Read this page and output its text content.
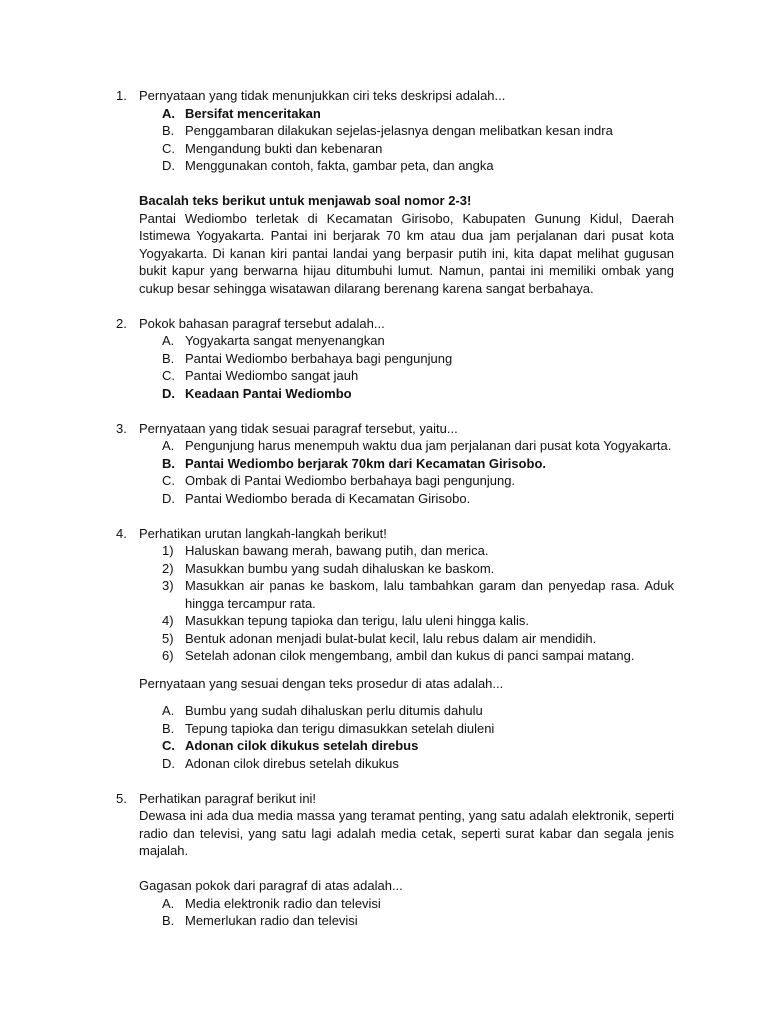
1. Pernyataan yang tidak menunjukkan ciri teks deskripsi adalah...
A. Bersifat menceritakan
B. Penggambaran dilakukan sejelas-jelasnya dengan melibatkan kesan indra
C. Mengandung bukti dan kebenaran
D. Menggunakan contoh, fakta, gambar peta, dan angka
Bacalah teks berikut untuk menjawab soal nomor 2-3!
Pantai Wediombo terletak di Kecamatan Girisobo, Kabupaten Gunung Kidul, Daerah Istimewa Yogyakarta. Pantai ini berjarak 70 km atau dua jam perjalanan dari pusat kota Yogyakarta. Di kanan kiri pantai landai yang berpasir putih ini, kita dapat melihat gugusan bukit kapur yang berwarna hijau ditumbuhi lumut. Namun, pantai ini memiliki ombak yang cukup besar sehingga wisatawan dilarang berenang karena sangat berbahaya.
2. Pokok bahasan paragraf tersebut adalah...
A. Yogyakarta sangat menyenangkan
B. Pantai Wediombo berbahaya bagi pengunjung
C. Pantai Wediombo sangat jauh
D. Keadaan Pantai Wediombo
3. Pernyataan yang tidak sesuai paragraf tersebut, yaitu...
A. Pengunjung harus menempuh waktu dua jam perjalanan dari pusat kota Yogyakarta.
B. Pantai Wediombo berjarak 70km dari Kecamatan Girisobo.
C. Ombak di Pantai Wediombo berbahaya bagi pengunjung.
D. Pantai Wediombo berada di Kecamatan Girisobo.
4. Perhatikan urutan langkah-langkah berikut!
1) Haluskan bawang merah, bawang putih, dan merica.
2) Masukkan bumbu yang sudah dihaluskan ke baskom.
3) Masukkan air panas ke baskom, lalu tambahkan garam dan penyedap rasa. Aduk hingga tercampur rata.
4) Masukkan tepung tapioka dan terigu, lalu uleni hingga kalis.
5) Bentuk adonan menjadi bulat-bulat kecil, lalu rebus dalam air mendidih.
6) Setelah adonan cilok mengembang, ambil dan kukus di panci sampai matang.
Pernyataan yang sesuai dengan teks prosedur di atas adalah...
A. Bumbu yang sudah dihaluskan perlu ditumis dahulu
B. Tepung tapioka dan terigu dimasukkan setelah diuleni
C. Adonan cilok dikukus setelah direbus
D. Adonan cilok direbus setelah dikukus
5. Perhatikan paragraf berikut ini!
Dewasa ini ada dua media massa yang teramat penting, yang satu adalah elektronik, seperti radio dan televisi, yang satu lagi adalah media cetak, seperti surat kabar dan segala jenis majalah.
Gagasan pokok dari paragraf di atas adalah...
A. Media elektronik radio dan televisi
B. Memerlukan radio dan televisi
